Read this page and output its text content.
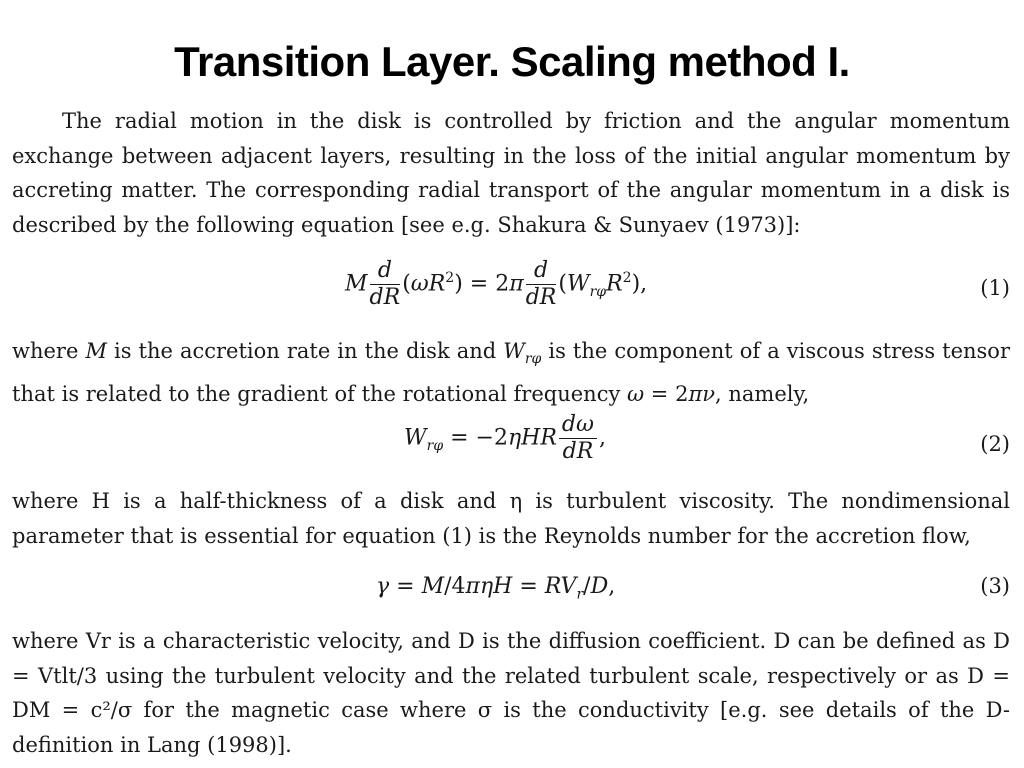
Transition Layer. Scaling method I.
The radial motion in the disk is controlled by friction and the angular momentum exchange between adjacent layers, resulting in the loss of the initial angular momentum by accreting matter. The corresponding radial transport of the angular momentum in a disk is described by the following equation [see e.g. Shakura & Sunyaev (1973)]:
M $\frac{d}{dR} (\omega R^2) = 2\pi \frac{d}{dR} (W_{r\varphi}R^2)$,	(1)
where M is the accretion rate in the disk and $W_{r\varphi}$ is the component of a viscous stress tensor that is related to the gradient of the rotational frequency ω = 2πν, namely,
$W_{r\varphi} = -2\eta HR \frac{d\omega}{dR}$ ,	(2)
where H is a half-thickness of a disk and η is turbulent viscosity. The nondimensional parameter that is essential for equation (1) is the Reynolds number for the accretion flow,
$\gamma = M/4\pi\eta H = RV_r/D$,	(3)
where Vr is a characteristic velocity, and D is the diffusion coefficient. D can be defined as D = Vtlt/3 using the turbulent velocity and the related turbulent scale, respectively or as D = DM = c²/σ for the magnetic case where σ is the conductivity [e.g. see details of the D-definition in Lang (1998)].
